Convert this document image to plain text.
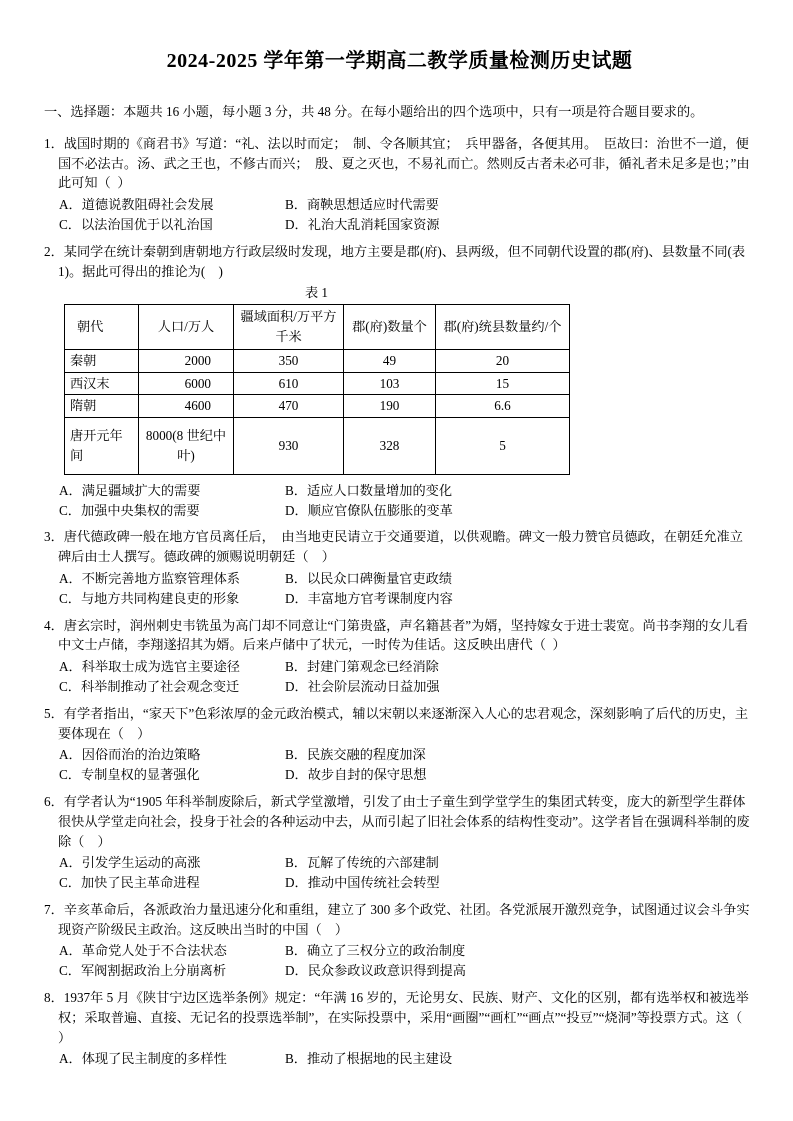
2024-2025 学年第一学期高二教学质量检测历史试题

一、选择题：本题共 16 小题，每小题 3 分，共 48 分。在每小题给出的四个选项中，只有一项是符合题目要求的。

1．战国时期的《商君书》写道：“礼、法以时而定；  制、令各顺其宜；  兵甲器备，各便其用。  臣故曰：治世不一道，便国不必法古。汤、武之王也，不修古而兴；  殷、夏之灭也，不易礼而亡。然则反古者未必可非，循礼者未足多是也；”由此可知（  ）

A．道德说教阻碍社会发展	B．商鞅思想适应时代需要
C．以法治国优于以礼治国	D．礼治大乱消耗国家资源

2．某同学在统计秦朝到唐朝地方行政层级时发现，地方主要是郡(府)、县两级，但不同朝代设置的郡(府)、县数量不同(表 1)。据此可得出的推论为(    )

表 1

朝代	人口/万人	疆域面积/万平方千米	郡(府)数量个	郡(府)统县数量约/个
秦朝	2000	350	49	20
西汉末	6000	610	103	15
隋朝	4600	470	190	6.6
唐开元年间	8000(8 世纪中叶)	930	328	5
A．满足疆域扩大的需要	B．适应人口数量增加的变化
C．加强中央集权的需要	D．顺应官僚队伍膨胀的变革

3．唐代德政碑一般在地方官员离任后，  由当地吏民请立于交通要道，以供观瞻。碑文一般力赞官员德政，在朝廷允准立碑后由士人撰写。德政碑的颁赐说明朝廷（    ）

A．不断完善地方监察管理体系	B．以民众口碑衡量官吏政绩
C．与地方共同构建良吏的形象	D．丰富地方官考课制度内容

4．唐玄宗时，润州刺史韦铣虽为高门却不同意让“门第贵盛，声名籍甚者”为婿，坚持嫁女于进士裴宽。尚书李翔的女儿看中文士卢储，李翔遂招其为婿。后来卢储中了状元，一时传为佳话。这反映出唐代（  ）

A．科举取士成为选官主要途径	B．封建门第观念已经消除
C．科举制推动了社会观念变迁	D．社会阶层流动日益加强

5．有学者指出，“家天下”色彩浓厚的金元政治模式，辅以宋朝以来逐渐深入人心的忠君观念，深刻影响了后代的历史，主要体现在（    ）

A．因俗而治的治边策略	B．民族交融的程度加深
C．专制皇权的显著强化	D．故步自封的保守思想

6．有学者认为“1905 年科举制废除后，新式学堂激增，引发了由士子童生到学堂学生的集团式转变，庞大的新型学生群体很快从学堂走向社会，投身于社会的各种运动中去，从而引起了旧社会体系的结构性变动”。这学者旨在强调科举制的废除（    ）

A．引发学生运动的高涨	B．瓦解了传统的六部建制
C．加快了民主革命进程	D．推动中国传统社会转型

7．辛亥革命后，各派政治力量迅速分化和重组，建立了 300 多个政党、社团。各党派展开激烈竞争，试图通过议会斗争实现资产阶级民主政治。这反映出当时的中国（    ）

A．革命党人处于不合法状态	B．确立了三权分立的政治制度
C．军阀割据政治上分崩离析	D．民众参政议政意识得到提高

8．1937年 5 月《陕甘宁边区选举条例》规定：“年满 16 岁的，无论男女、民族、财产、文化的区别，都有选举权和被选举权；采取普遍、直接、无记名的投票选举制”，在实际投票中，采用“画圈”“画杠”“画点”“投豆”“烧洞”等投票方式。这（    ）

A．体现了民主制度的多样性	B．推动了根据地的民主建设
